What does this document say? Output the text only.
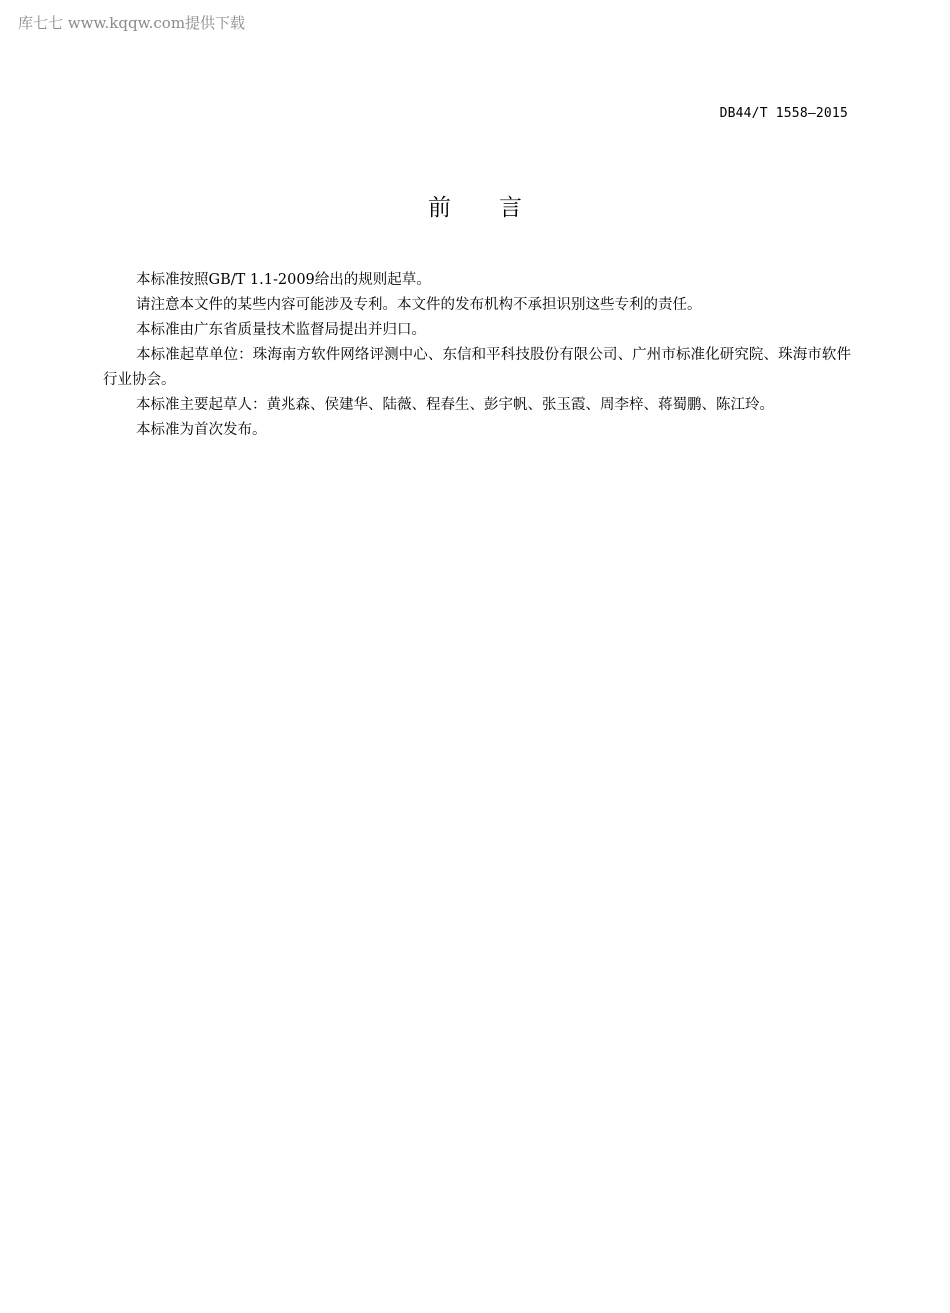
库七七 www.kqqw.com提供下载
DB44/T 1558—2015
前言

本标准按照GB/T 1.1-2009给出的规则起草。

请注意本文件的某些内容可能涉及专利。本文件的发布机构不承担识别这些专利的责任。

本标准由广东省质量技术监督局提出并归口。

本标准起草单位：珠海南方软件网络评测中心、东信和平科技股份有限公司、广州市标准化研究院、珠海市软件行业协会。

本标准主要起草人：黄兆森、侯建华、陆薇、程春生、彭宇帆、张玉霞、周李梓、蒋蜀鹏、陈江玲。

本标准为首次发布。
